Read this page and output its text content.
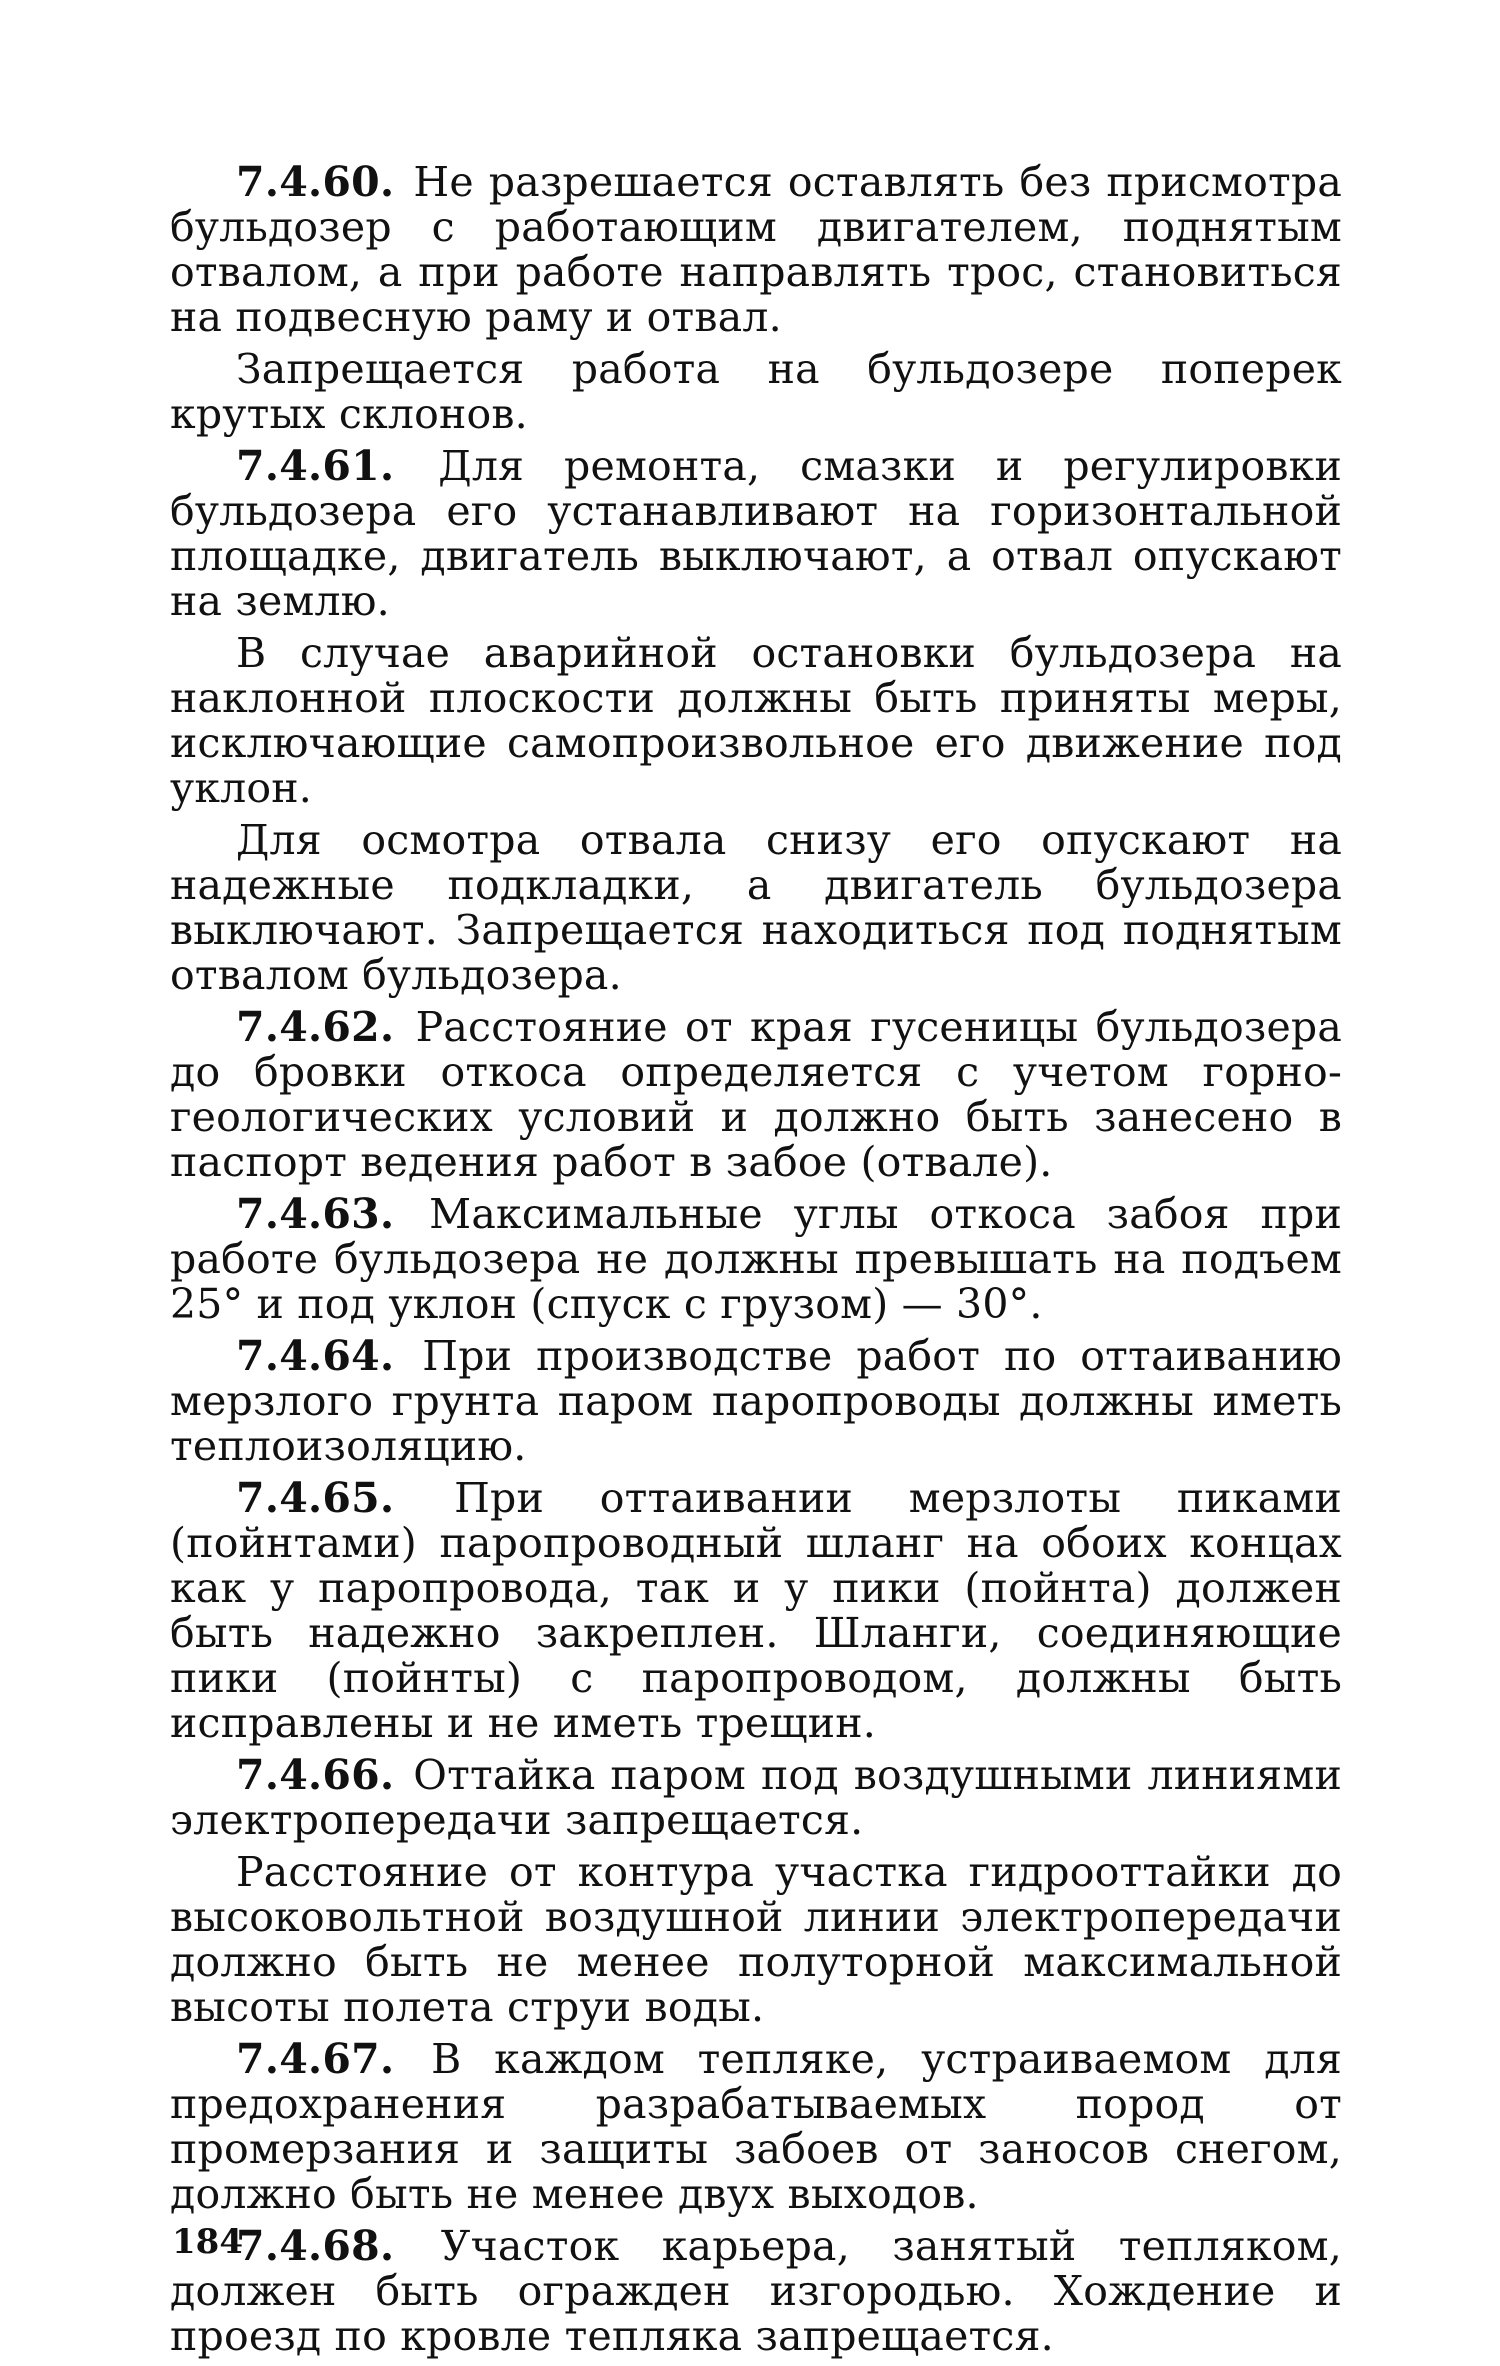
7.4.60. Не разрешается оставлять без присмотра бульдозер с работающим двигателем, поднятым отвалом, а при работе направлять трос, становиться на подвесную раму и отвал.

Запрещается работа на бульдозере поперек крутых склонов.

7.4.61. Для ремонта, смазки и регулировки бульдозера его устанавливают на горизонтальной площадке, двигатель выключают, а отвал опускают на землю.

В случае аварийной остановки бульдозера на наклонной плоскости должны быть приняты меры, исключающие самопроизвольное его движение под уклон.

Для осмотра отвала снизу его опускают на надежные подкладки, а двигатель бульдозера выключают. Запрещается находиться под поднятым отвалом бульдозера.

7.4.62. Расстояние от края гусеницы бульдозера до бровки откоса определяется с учетом горно-геологических условий и должно быть занесено в паспорт ведения работ в забое (отвале).

7.4.63. Максимальные углы откоса забоя при работе бульдозера не должны превышать на подъем 25° и под уклон (спуск с грузом) — 30°.

7.4.64. При производстве работ по оттаиванию мерзлого грунта паром паропроводы должны иметь теплоизоляцию.

7.4.65. При оттаивании мерзлоты пиками (пойнтами) паропроводный шланг на обоих концах как у паропровода, так и у пики (пойнта) должен быть надежно закреплен. Шланги, соединяющие пики (пойнты) с паропроводом, должны быть исправлены и не иметь трещин.

7.4.66. Оттайка паром под воздушными линиями электропередачи запрещается.

Расстояние от контура участка гидрооттайки до высоковольтной воздушной линии электропередачи должно быть не менее полуторной максимальной высоты полета струи воды.

7.4.67. В каждом тепляке, устраиваемом для предохранения разрабатываемых пород от промерзания и защиты забоев от заносов снегом, должно быть не менее двух выходов.

7.4.68. Участок карьера, занятый тепляком, должен быть огражден изгородью. Хождение и проезд по кровле тепляка запрещается.

184
